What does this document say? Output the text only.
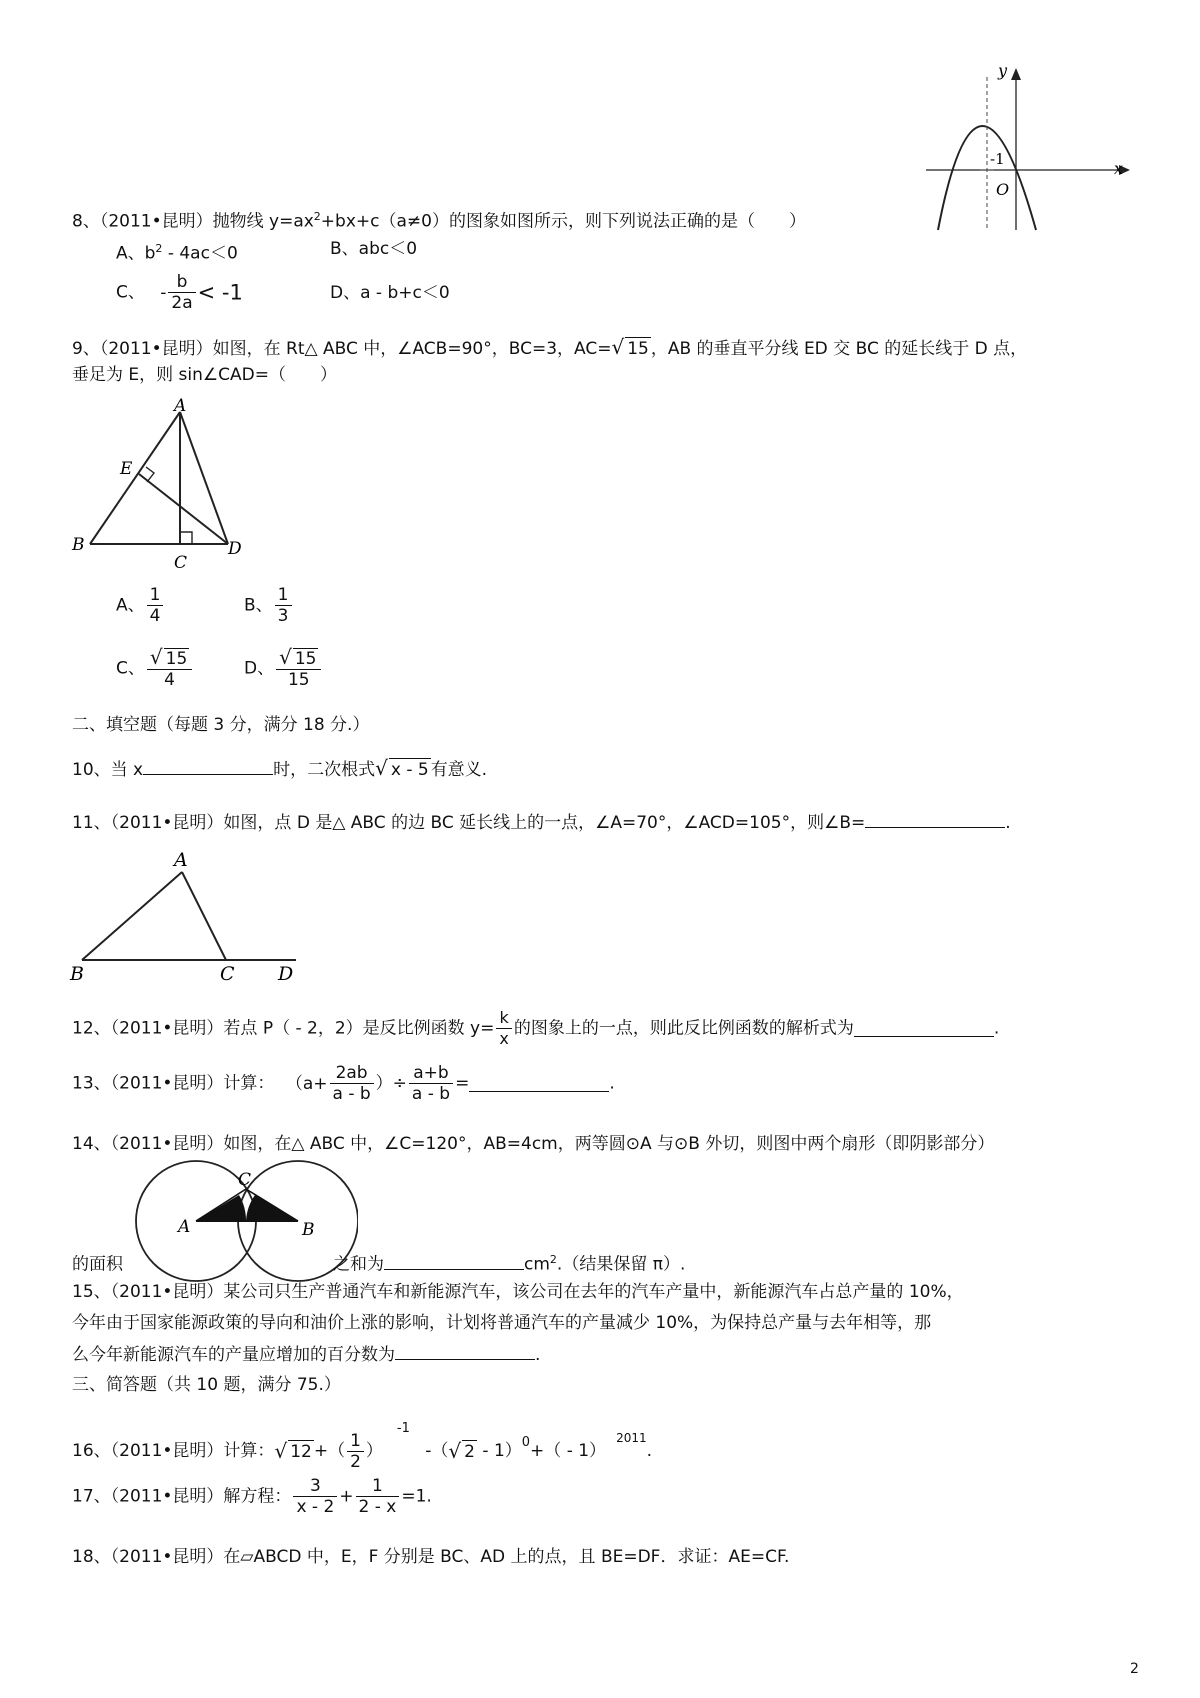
y
x
O
-1
8、（2011•昆明）抛物线 $y=ax^2+bx+c(a\ne 0)$的图象如图所示，则下列说法正确的是（　　）
A、$b^2 - 4ac<0$	B、abc＜0
C、 - $\frac{b}{2a} < -1$	D、a - b+c＜0
9、（2011•昆明）如图，在 Rt△ ABC 中，∠ACB=90°，BC=3，AC=√ 15 ，AB 的垂直平分线 ED 交 BC 的延长线于 D 点，
垂足为 E，则 sin∠CAD=（　　）
A
B
C
D
E
A、 $\frac{1}{4}$	B、 $\frac{1}{3}$
C、 $\frac{√ 15}{4}$	D、 $\frac{√ 15}{15}$
二、填空题（每题 3 分，满分 18 分.）
10、当 x	时，二次根式√ x - 5 有意义.
11、（2011•昆明）如图，点 D 是△ ABC 的边 BC 延长线上的一点，∠A=70°，∠ACD=105°，则∠B=	.
A
B	C D
12、（2011•昆明）若点 P（ - 2，2）是反比例函数 $y= \frac{k}{x}$ 的图象上的一点，则此反比例函数的解析式为	.
13、（2011•昆明）计算： （$a+ \frac{2ab}{a - b}$ ）÷ $\frac{a+b}{a - b}$ =	.
14、（2011•昆明）如图，在△ ABC 中，∠C=120°，AB=4cm，两等圆⊙A 与⊙B 外切，则图中两个扇形（即阴影部分）
A	B
C
的面积	之和为	$cm^2$.（结果保留 π）.
15、（2011•昆明）某公司只生产普通汽车和新能源汽车，该公司在去年的汽车产量中，新能源汽车占总产量的 10%，
今年由于国家能源政策的导向和油价上涨的影响，计划将普通汽车的产量减少 10%，为保持总产量与去年相等，那
么今年新能源汽车的产量应增加的百分数为	.
三、简答题（共 10 题，满分 75.）
16、（2011•昆明）计算：√ 12 +（ $\frac{1}{2} )^{-1}$ -（√ 2 - 1）$^0$+（ - 1）$^{2011}$.
17、（2011•昆明）解方程： $\frac{3}{x - 2} + \frac{1}{2 - x} =1$.
18、（2011•昆明）在▱ABCD 中，E，F 分别是 BC、AD 上的点，且 BE=DF．求证：AE=CF.
2
